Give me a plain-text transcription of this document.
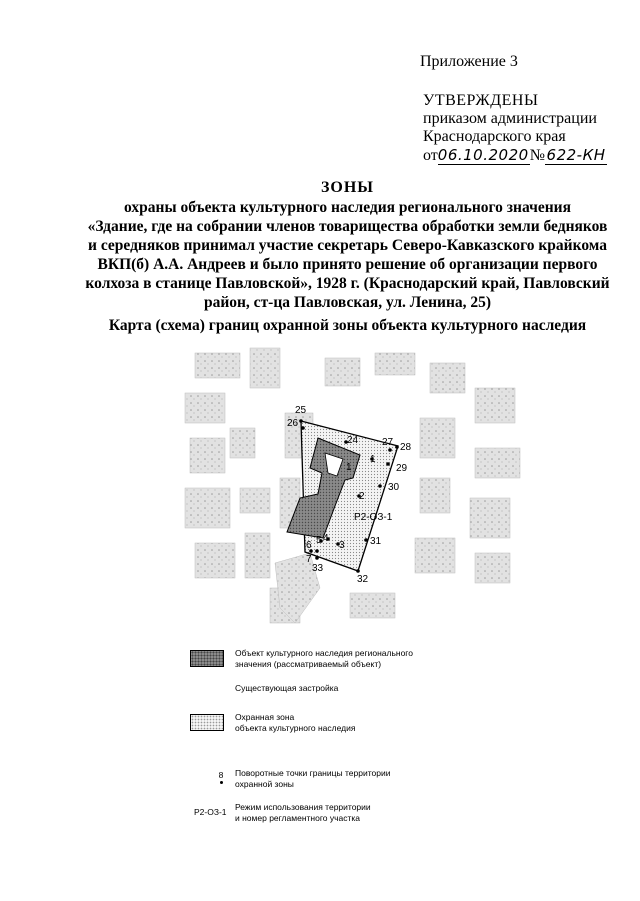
Приложение 3
УТВЕРЖДЕНЫ
приказом администрации
Краснодарского края
от06.10.2020№ 622-КН
ЗОНЫ
охраны объекта культурного наследия регионального значения
«Здание, где на собрании членов товарищества обработки земли бедняков
и середняков принимал участие секретарь Северо-Кавказского крайкома
ВКП(б) А.А. Андреев и было принято решение об организации первого
колхоза в станице Павловской», 1928 г. (Краснодарский край, Павловский
район, ст-ца Павловская, ул. Ленина, 25)
Карта (схема) границ охранной зоны объекта культурного наследия
25
26
24 27 28
1
1	29
30
2
Р2-ОЗ-1
31
3
4
5
6
7
33
32
Объект культурного наследия регионального
значения (рассматриваемый объект)
Существующая застройка
Охранная зона
объекта культурного наследия
8	Поворотные точки границы территории
охранной зоны
Р2-ОЗ-1 Режим использования территории
и номер регламентного участка
